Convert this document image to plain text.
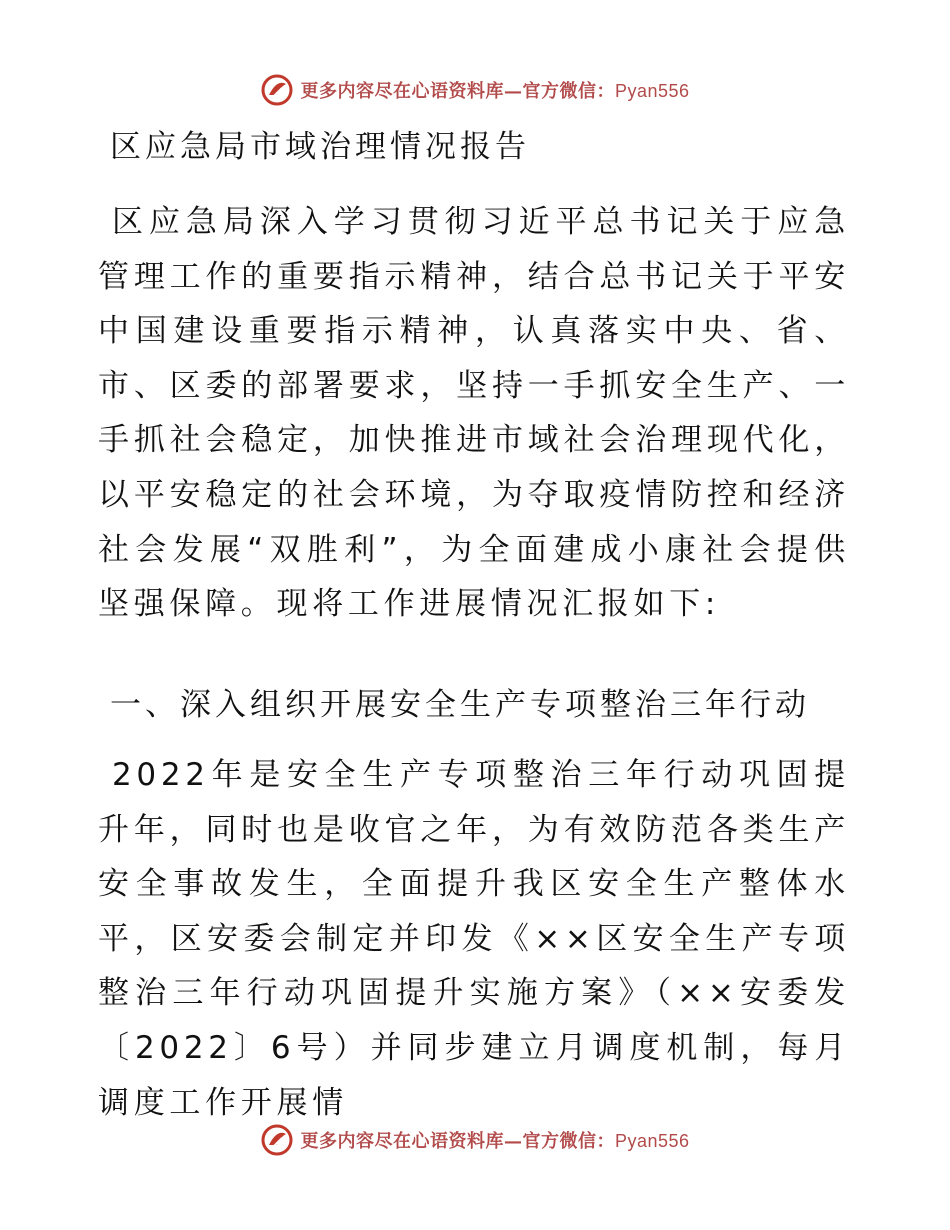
更多内容尽在心语资料库—官方微信：Pyan556
区应急局市域治理情况报告

区应急局深入学习贯彻习近平总书记关于应急管理工作的重要指示精神，结合总书记关于平安中国建设重要指示精神，认真落实中央、省、市、区委的部署要求，坚持一手抓安全生产、一手抓社会稳定，加快推进市域社会治理现代化，以平安稳定的社会环境，为夺取疫情防控和经济社会发展“双胜利”，为全面建成小康社会提供坚强保障。现将工作进展情况汇报如下:

一、深入组织开展安全生产专项整治三年行动

2022年是安全生产专项整治三年行动巩固提升年，同时也是收官之年，为有效防范各类生产安全事故发生，全面提升我区安全生产整体水平，区安委会制定并印发《××区安全生产专项整治三年行动巩固提升实施方案》（××安委发〔2022〕6号）并同步建立月调度机制，每月调度工作开展情

更多内容尽在心语资料库—官方微信：Pyan556
